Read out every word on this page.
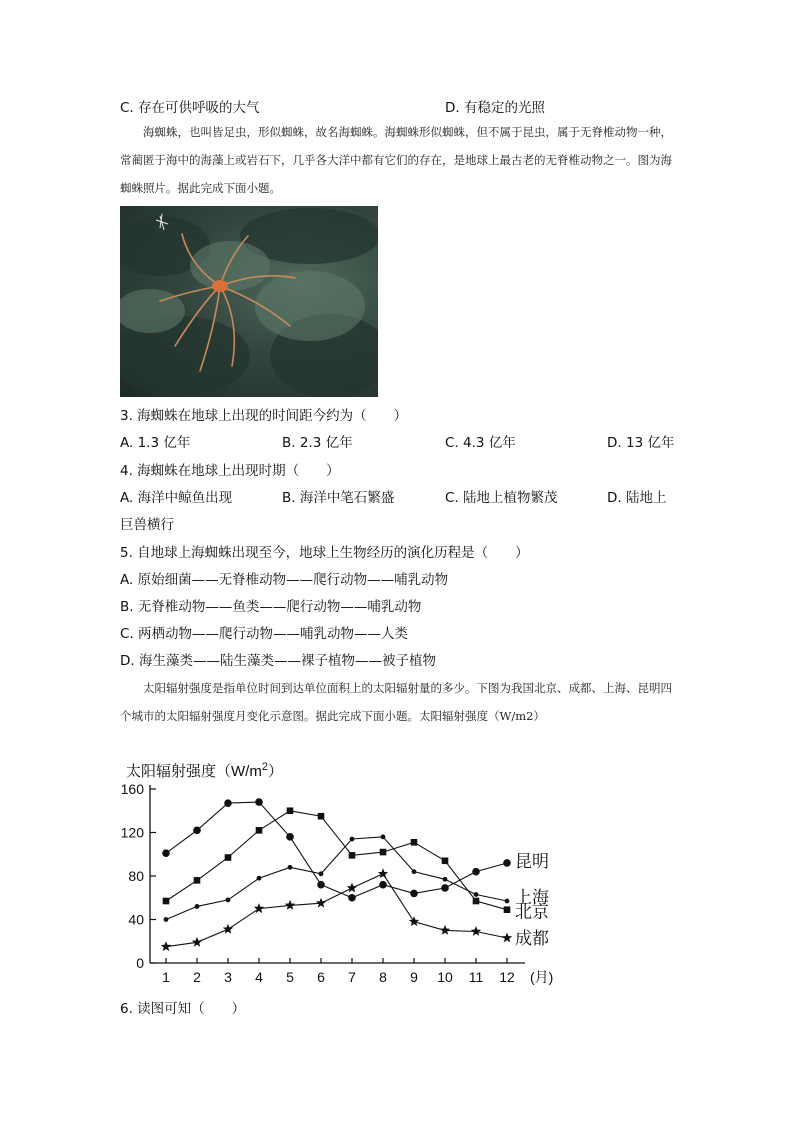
C. 存在可供呼吸的大气	D. 有稳定的光照
海蜘蛛，也叫皆足虫，形似蜘蛛，故名海蜘蛛。海蜘蛛形似蜘蛛，但不属于昆虫，属于无脊椎动物一种，常蔺匿于海中的海藻上或岩石下，几乎各大洋中都有它们的存在，是地球上最古老的无脊椎动物之一。图为海蜘蛛照片。据此完成下面小题。
3. 海蜘蛛在地球上出现的时间距今约为（　　）
A. 1.3 亿年	B. 2.3 亿年	C. 4.3 亿年	D. 13 亿年
4. 海蜘蛛在地球上出现时期（　　）
A. 海洋中鲸鱼出现	B. 海洋中笔石繁盛	C. 陆地上植物繁茂	D. 陆地上
巨兽横行
5. 自地球上海蜘蛛出现至今，地球上生物经历的演化历程是（　　）
A. 原始细菌——无脊椎动物——爬行动物——哺乳动物
B. 无脊椎动物——鱼类——爬行动物——哺乳动物
C. 两栖动物——爬行动物——哺乳动物——人类
D. 海生藻类——陆生藻类——裸子植物——被子植物
太阳辐射强度是指单位时间到达单位面积上的太阳辐射量的多少。下图为我国北京、成都、上海、昆明四个城市的太阳辐射强度月变化示意图。据此完成下面小题。太阳辐射强度（W/m2）
太阳辐射强度$(W/m^2)$
0
40
80
120
160
1 2 3 4 5 6 7 8 9 10 11 12
昆明
上海
北京
成都
(月)
6. 读图可知（　　）
